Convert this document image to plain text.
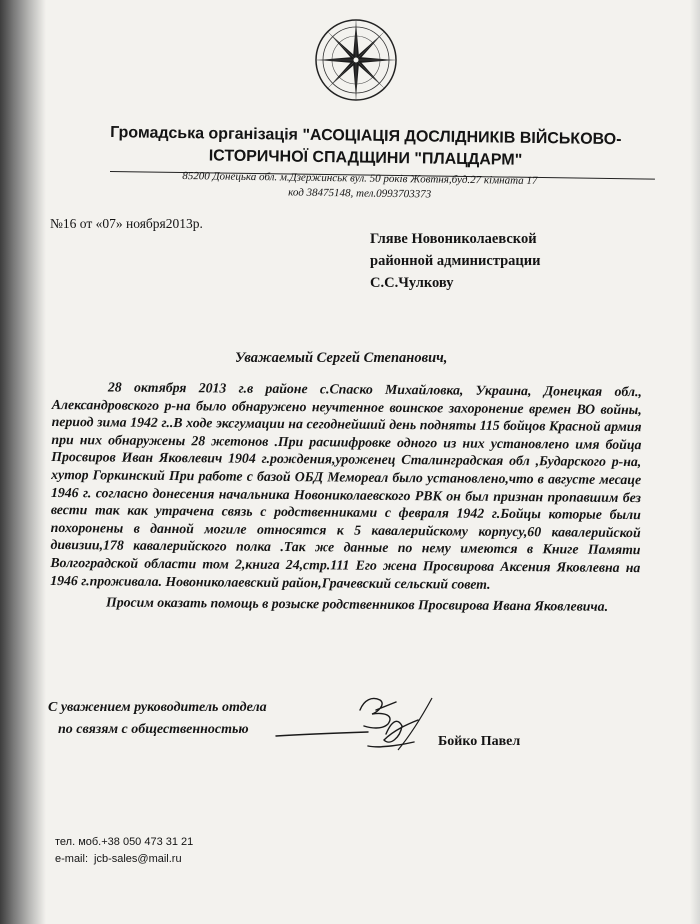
Громадська організація "АСОЦІАЦІЯ ДОСЛІДНИКІВ ВІЙСЬКОВО-
ІСТОРИЧНОЇ СПАДЩИНИ "ПЛАЦДАРМ"
85200 Донецька обл. м.Дзержинськ вул. 50 років Жовтня,буд.27 кімната 17
код 38475148, тел.0993703373
№16 от «07» ноября2013р.
Гляве Новониколаевской
районной администрации
С.С.Чулкову
Уважаемый Сергей Степанович,

28 октября 2013 г.в районе с.Спаско Михайловка, Украина, Донецкая обл., Александровского р-на было обнаружено неучтенное воинское захоронение времен ВО войны, период зима 1942 г..В ходе эксгумации на сегоднейший день подняты 115 бойцов Красной армия при них обнаружены 28 жетонов .При расшифровке одного из них установлено имя бойца Просвиров Иван Яковлевич 1904 г.рождения,уроженец Сталинградская обл ,Бударского р-на, хутор Горкинский При работе с базой ОБД Мемореал было установлено,что в августе месаце 1946 г. согласно донесения начальника Новониколаевского РВК он был признан пропавшим без вести так как утрачена связь с родственниками с февраля 1942 г.Бойцы которые были похоронены в данной могиле относятся к 5 кавалерийскому корпусу,60 кавалерийской дивизии,178 кавалерийского полка .Так же данные по нему имеются в Книге Памяти Волгоградской области том 2,книга 24,стр.111 Его жена Просвирова Аксения Яковлевна на 1946 г.проживала. Новониколаевский район,Грачевский сельский совет.

Просим оказать помощь в розыске родственников Просвирова Ивана Яковлевича.

С уважением руководитель отдела
по связям с общественностью
Бойко Павел
тел. моб.+38 050 473 31 21
e-mail: jcb-sales@mail.ru
